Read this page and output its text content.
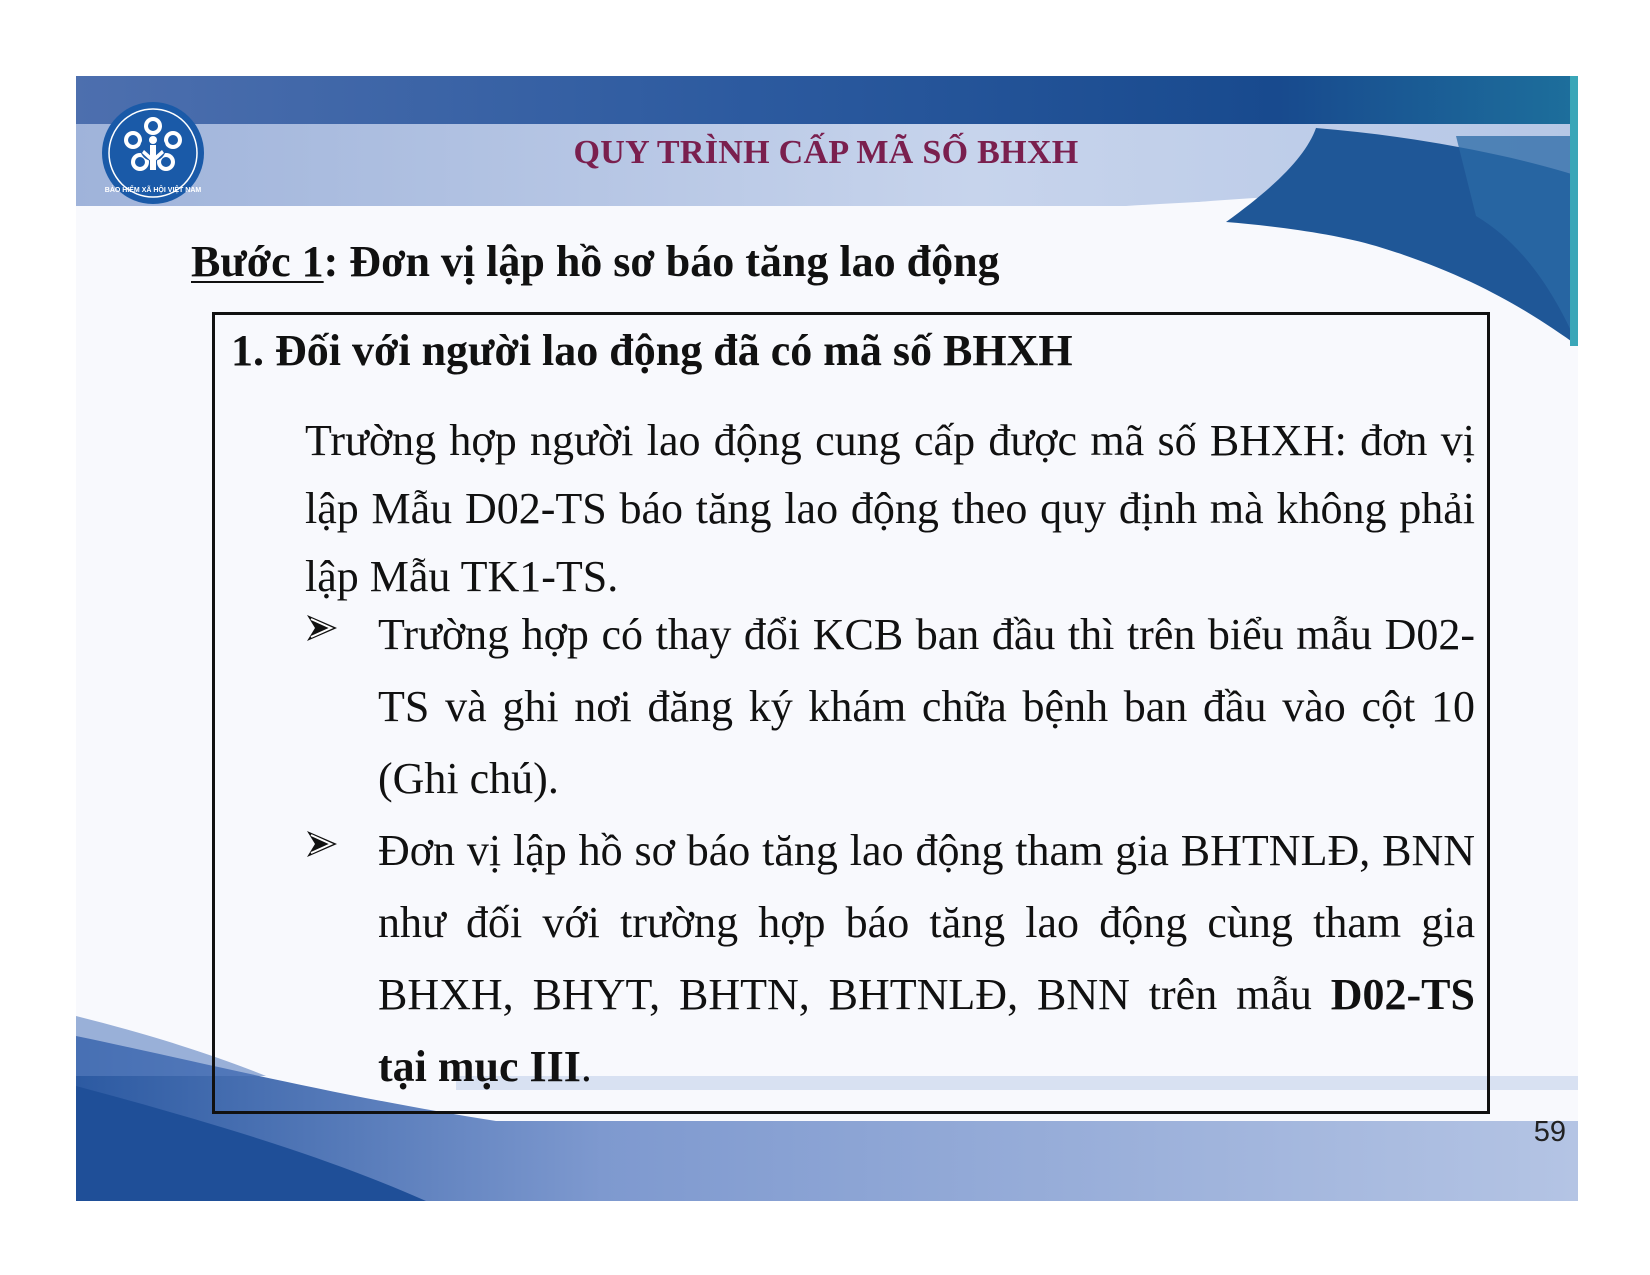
BẢO HIỂM XÃ HỘI VIỆT NAM
QUY TRÌNH CẤP MÃ SỐ BHXH
Bước 1: Đơn vị lập hồ sơ báo tăng lao động
1. Đối với người lao động đã có mã số BHXH

Trường hợp người lao động cung cấp được mã số BHXH: đơn vị lập Mẫu D02-TS báo tăng lao động theo quy định mà không phải lập Mẫu TK1-TS.

Trường hợp có thay đổi KCB ban đầu thì trên biểu mẫu D02-TS và ghi nơi đăng ký khám chữa bệnh ban đầu vào cột 10 (Ghi chú).

Đơn vị lập hồ sơ báo tăng lao động tham gia BHTNLĐ, BNN như đối với trường hợp báo tăng lao động cùng tham gia BHXH, BHYT, BHTN, BHTNLĐ, BNN trên mẫu D02-TS tại mục III.

59
